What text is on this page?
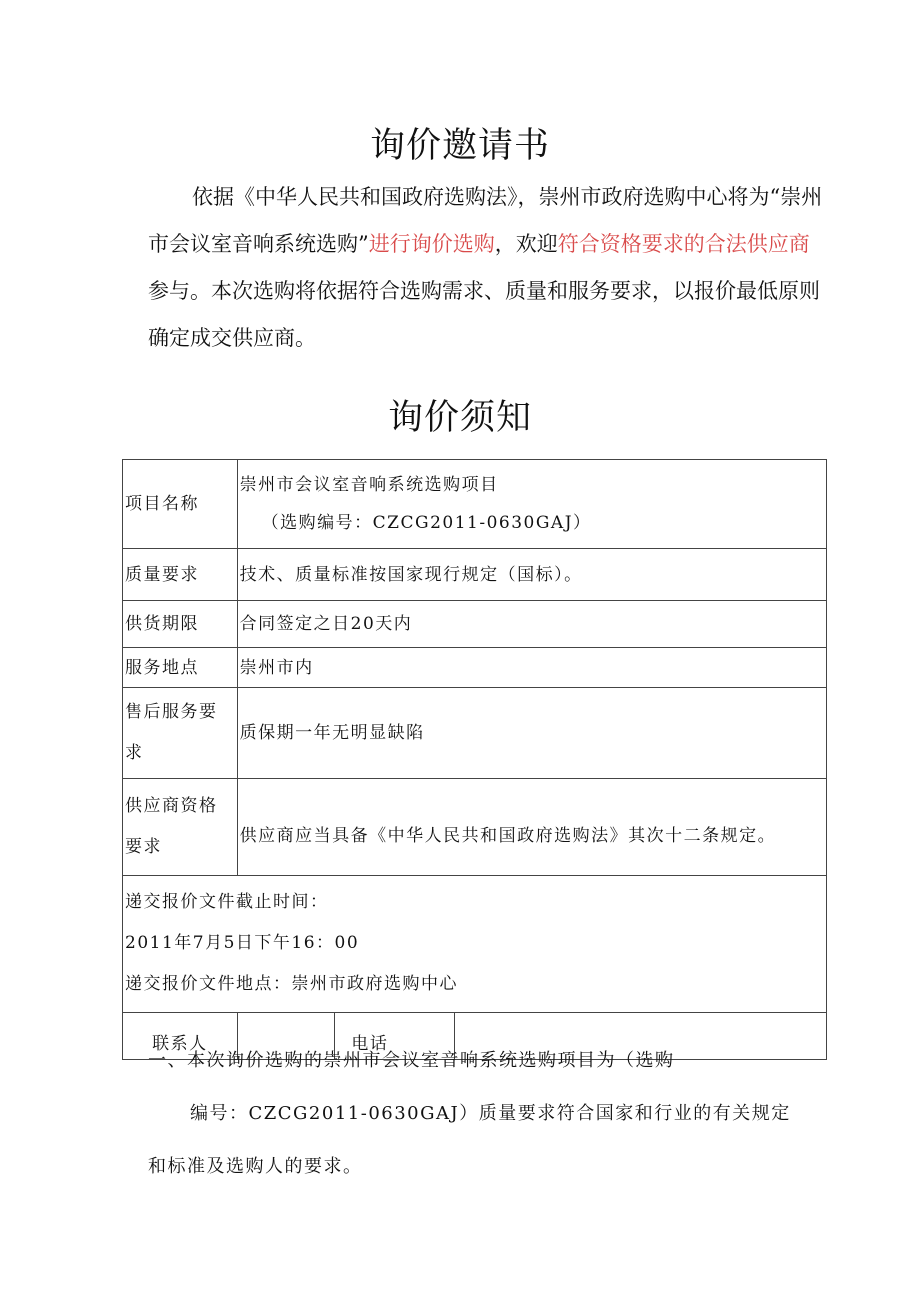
询价邀请书

依据《中华人民共和国政府选购法》，崇州市政府选购中心将为“崇州市会议室音响系统选购”进行询价选购，欢迎符合资格要求的合法供应商参与。本次选购将依据符合选购需求、质量和服务要求，以报价最低原则确定成交供应商。

询价须知
项目名称	崇州市会议室音响系统选购项目
（选购编号：CZCG2011-0630GAJ）		

质量要求	技术、质量标准按国家现行规定（国标）。		
供货期限	合同签定之日20天内		
服务地点	崇州市内		
售后服务要求	质保期一年无明显缺陷		
供应商资格要求	供应商应当具备《中华人民共和国政府选购法》其次十二条规定。		

递交报价文件截止时间：
2011年7月5日下午16：00
递交报价文件地点：崇州市政府选购中心			

联系人		电话	
一、本次询价选购的崇州市会议室音响系统选购项目为（选购
编号：CZCG2011-0630GAJ）质量要求符合国家和行业的有关规定
和标准及选购人的要求。
